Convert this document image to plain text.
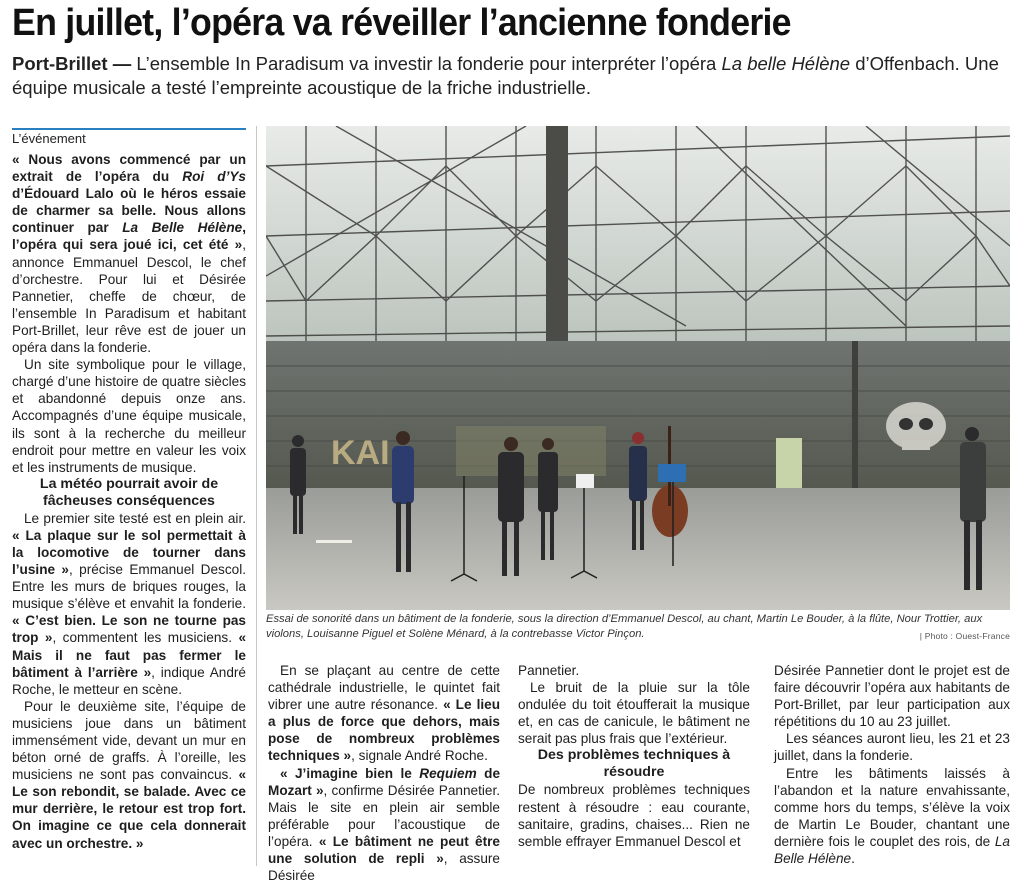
En juillet, l’opéra va réveiller l’ancienne fonderie
Port-Brillet — L’ensemble In Paradisum va investir la fonderie pour interpréter l’opéra La belle Hélène d’Offenbach. Une équipe musicale a testé l’empreinte acoustique de la friche industrielle.
L’événement

« Nous avons commencé par un extrait de l’opéra du Roi d’Ys d’Édouard Lalo où le héros essaie de charmer sa belle. Nous allons continuer par La Belle Hélène, l’opéra qui sera joué ici, cet été », annonce Emmanuel Descol, le chef d’orchestre. Pour lui et Désirée Pannetier, cheffe de chœur, de l’ensemble In Paradisum et habitant Port-Brillet, leur rêve est de jouer un opéra dans la fonderie.

Un site symbolique pour le village, chargé d’une histoire de quatre siècles et abandonné depuis onze ans. Accompagnés d’une équipe musicale, ils sont à la recherche du meilleur endroit pour mettre en valeur les voix et les instruments de musique.

La météo pourrait avoir de fâcheuses conséquences

Le premier site testé est en plein air. « La plaque sur le sol permettait à la locomotive de tourner dans l’usine », précise Emmanuel Descol. Entre les murs de briques rouges, la musique s’élève et envahit la fonderie. « C’est bien. Le son ne tourne pas trop », commentent les musiciens. « Mais il ne faut pas fermer le bâtiment à l’arrière », indique André Roche, le metteur en scène.

Pour le deuxième site, l’équipe de musiciens joue dans un bâtiment immensément vide, devant un mur en béton orné de graffs. À l’oreille, les musiciens ne sont pas convaincus. « Le son rebondit, se balade. Avec ce mur derrière, le retour est trop fort. On imagine ce que cela donnerait avec un orchestre. »

KAI
Essai de sonorité dans un bâtiment de la fonderie, sous la direction d’Emmanuel Descol, au chant, Martin Le Bouder, à la flûte, Nour Trottier, aux violons, Louisanne Piguel et Solène Ménard, à la contrebasse Victor Pinçon.	| Photo : Ouest-France

En se plaçant au centre de cette cathédrale industrielle, le quintet fait vibrer une autre résonance. « Le lieu a plus de force que dehors, mais pose de nombreux problèmes techniques », signale André Roche.

« J’imagine bien le Requiem de Mozart », confirme Désirée Pannetier. Mais le site en plein air semble préférable pour l’acoustique de l’opéra. « Le bâtiment ne peut être une solution de repli », assure Désirée

Pannetier.

Le bruit de la pluie sur la tôle ondulée du toit étoufferait la musique et, en cas de canicule, le bâtiment ne serait pas plus frais que l’extérieur.

Des problèmes techniques à résoudre

De nombreux problèmes techniques restent à résoudre : eau courante, sanitaire, gradins, chaises... Rien ne semble effrayer Emmanuel Descol et

Désirée Pannetier dont le projet est de faire découvrir l’opéra aux habitants de Port-Brillet, par leur participation aux répétitions du 10 au 23 juillet.

Les séances auront lieu, les 21 et 23 juillet, dans la fonderie.

Entre les bâtiments laissés à l’abandon et la nature envahissante, comme hors du temps, s’élève la voix de Martin Le Bouder, chantant une dernière fois le couplet des rois, de La Belle Hélène.
